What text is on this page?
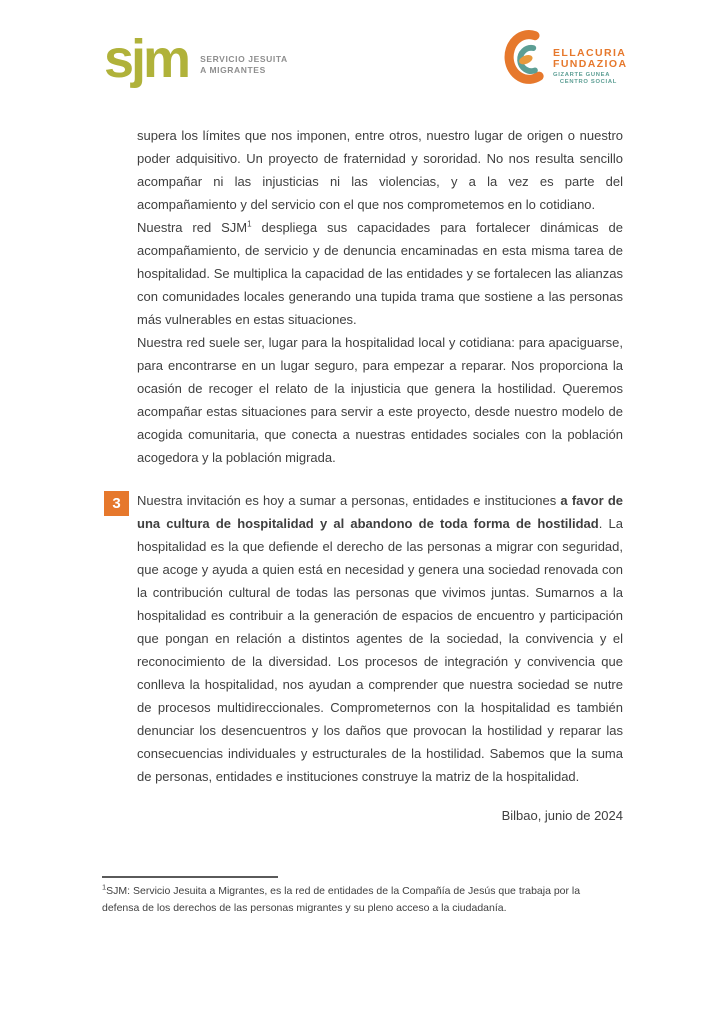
sjm SERVICIO JESUITA
A MIGRANTES
ELLACURIA
FUNDAZIOA
GIZARTE GUNEA
CENTRO SOCIAL

supera los límites que nos imponen, entre otros, nuestro lugar de origen o nuestro poder adquisitivo. Un proyecto de fraternidad y sororidad. No nos resulta sencillo acompañar ni las injusticias ni las violencias, y a la vez es parte del acompañamiento y del servicio con el que nos comprometemos en lo cotidiano.

Nuestra red SJM$^1$ despliega sus capacidades para fortalecer dinámicas de acompañamiento, de servicio y de denuncia encaminadas en esta misma tarea de hospitalidad. Se multiplica la capacidad de las entidades y se fortalecen las alianzas con comunidades locales generando una tupida trama que sostiene a las personas más vulnerables en estas situaciones.

Nuestra red suele ser, lugar para la hospitalidad local y cotidiana: para apaciguarse, para encontrarse en un lugar seguro, para empezar a reparar. Nos proporciona la ocasión de recoger el relato de la injusticia que genera la hostilidad. Queremos acompañar estas situaciones para servir a este proyecto, desde nuestro modelo de acogida comunitaria, que conecta a nuestras entidades sociales con la población acogedora y la población migrada.

3	Nuestra invitación es hoy a sumar a personas, entidades e instituciones a favor de una cultura de hospitalidad y al abandono de toda forma de hostilidad. La hospitalidad es la que defiende el derecho de las personas a migrar con seguridad, que acoge y ayuda a quien está en necesidad y genera una sociedad renovada con la contribución cultural de todas las personas que vivimos juntas. Sumarnos a la hospitalidad es contribuir a la generación de espacios de encuentro y participación que pongan en relación a distintos agentes de la sociedad, la convivencia y el reconocimiento de la diversidad. Los procesos de integración y convivencia que conlleva la hospitalidad, nos ayudan a comprender que nuestra sociedad se nutre de procesos multidireccionales. Comprometernos con la hospitalidad es también denunciar los desencuentros y los daños que provocan la hostilidad y reparar las consecuencias individuales y estructurales de la hostilidad. Sabemos que la suma de personas, entidades e instituciones construye la matriz de la hospitalidad.

Bilbao, junio de 2024

$^1$SJM: Servicio Jesuita a Migrantes, es la red de entidades de la Compañía de Jesús que trabaja por la defensa de los derechos de las personas migrantes y su pleno acceso a la ciudadanía.
